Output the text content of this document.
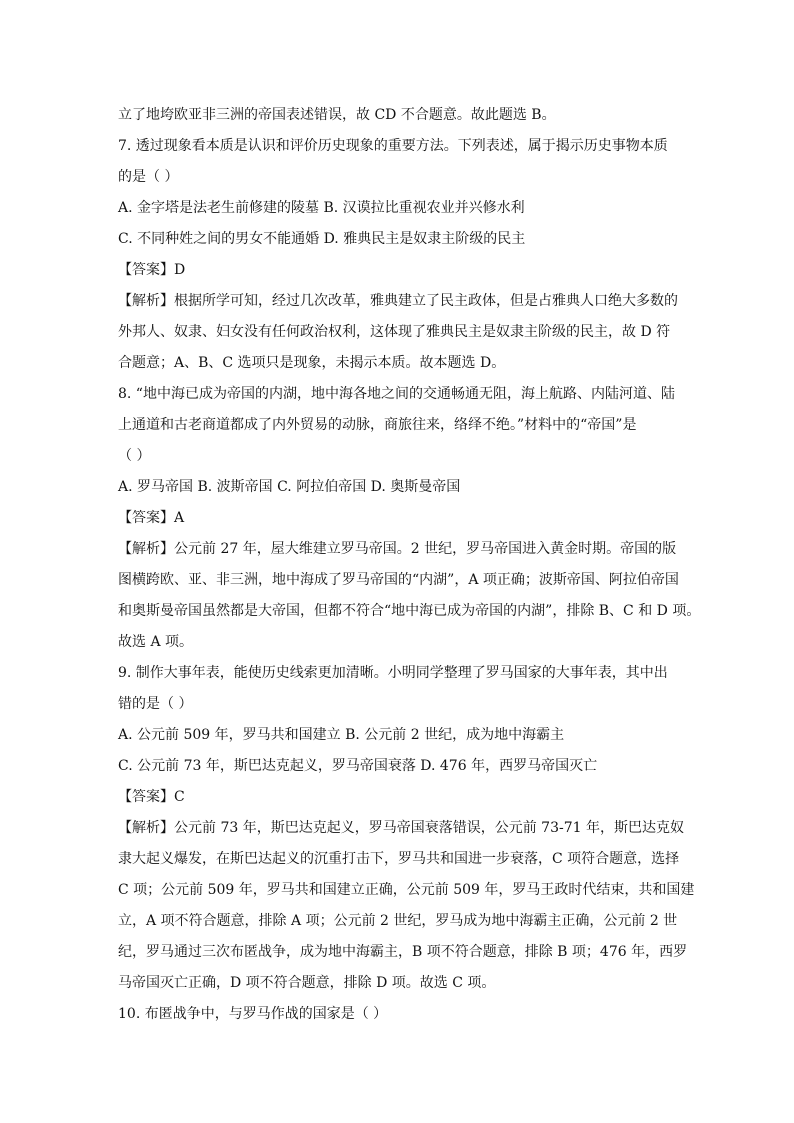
立了地垮欧亚非三洲的帝国表述错误，故 CD 不合题意。故此题选 B。
7. 透过现象看本质是认识和评价历史现象的重要方法。下列表述，属于揭示历史事物本质
的是（ ）
A. 金字塔是法老生前修建的陵墓 B. 汉谟拉比重视农业并兴修水利
C. 不同种姓之间的男女不能通婚 D. 雅典民主是奴隶主阶级的民主
【答案】D
【解析】根据所学可知，经过几次改革，雅典建立了民主政体，但是占雅典人口绝大多数的
外邦人、奴隶、妇女没有任何政治权利，这体现了雅典民主是奴隶主阶级的民主，故 D 符
合题意；A、B、C 选项只是现象，未揭示本质。故本题选 D。
8. “地中海已成为帝国的内湖，地中海各地之间的交通畅通无阻，海上航路、内陆河道、陆
上通道和古老商道都成了内外贸易的动脉，商旅往来，络绎不绝。”材料中的“帝国”是
（ ）
A. 罗马帝国 B. 波斯帝国 C. 阿拉伯帝国 D. 奥斯曼帝国
【答案】A
【解析】公元前 27 年，屋大维建立罗马帝国。2 世纪，罗马帝国进入黄金时期。帝国的版
图横跨欧、亚、非三洲，地中海成了罗马帝国的“内湖”，A 项正确；波斯帝国、阿拉伯帝国
和奥斯曼帝国虽然都是大帝国，但都不符合“地中海已成为帝国的内湖”，排除 B、C 和 D 项。
故选 A 项。
9. 制作大事年表，能使历史线索更加清晰。小明同学整理了罗马国家的大事年表，其中出
错的是（ ）
A. 公元前 509 年，罗马共和国建立 B. 公元前 2 世纪，成为地中海霸主
C. 公元前 73 年，斯巴达克起义，罗马帝国衰落 D. 476 年，西罗马帝国灭亡
【答案】C
【解析】公元前 73 年，斯巴达克起义，罗马帝国衰落错误，公元前 73-71 年，斯巴达克奴
隶大起义爆发，在斯巴达起义的沉重打击下，罗马共和国进一步衰落，C 项符合题意，选择
C 项；公元前 509 年，罗马共和国建立正确，公元前 509 年，罗马王政时代结束，共和国建
立，A 项不符合题意，排除 A 项；公元前 2 世纪，罗马成为地中海霸主正确，公元前 2 世
纪，罗马通过三次布匿战争，成为地中海霸主，B 项不符合题意，排除 B 项；476 年，西罗
马帝国灭亡正确，D 项不符合题意，排除 D 项。故选 C 项。
10. 布匿战争中，与罗马作战的国家是（ ）
